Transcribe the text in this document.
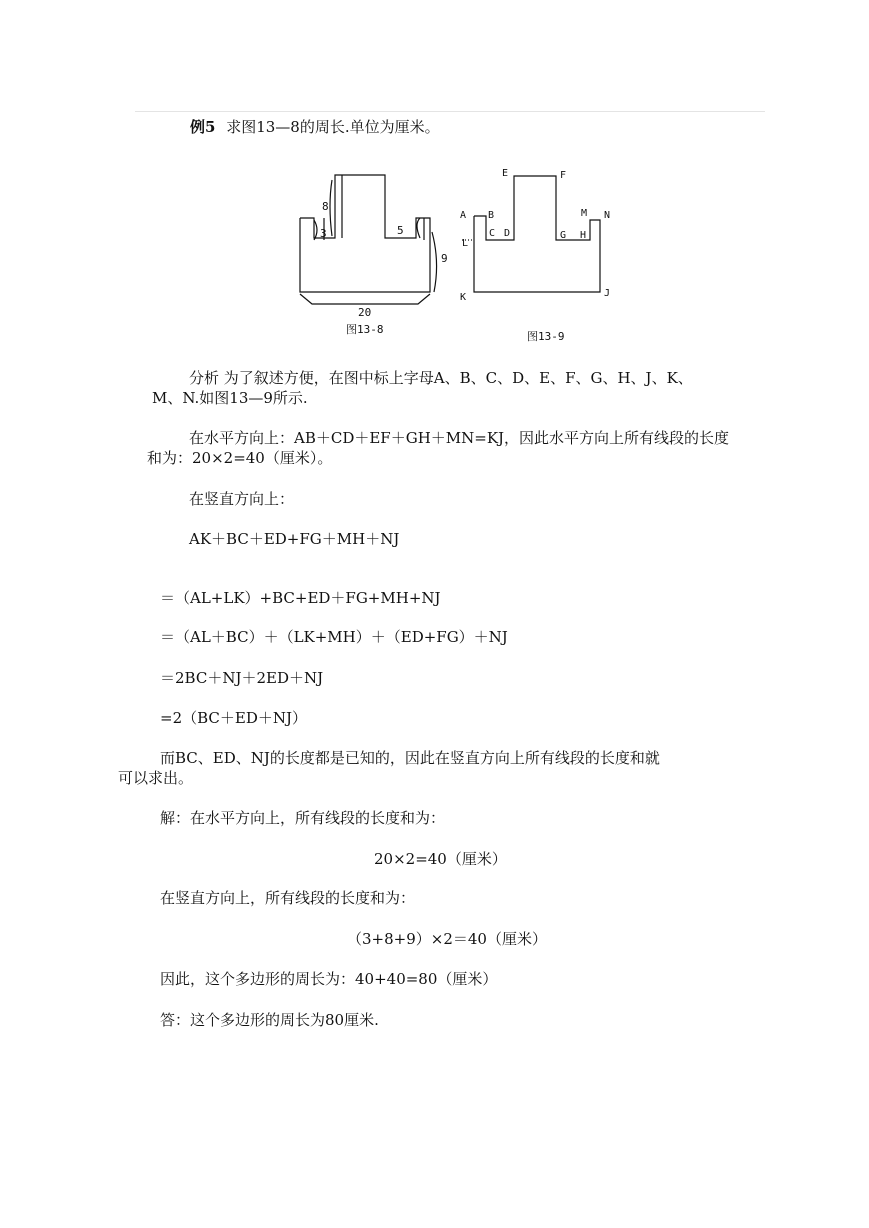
例5 求图13—8的周长.单位为厘米。
8
3	5
9
20
图13-8
E	F
A B
L
C D	G
M N
H
K	J
图13-9
分析 为了叙述方便，在图中标上字母A、B、C、D、E、F、G、H、J、K、
M、N.如图13—9所示.
在水平方向上：AB＋CD＋EF＋GH＋MN=KJ，因此水平方向上所有线段的长度
和为：20×2=40（厘米）。
在竖直方向上：
AK＋BC＋ED+FG＋MH＋NJ
＝（AL+LK）+BC+ED＋FG+MH+NJ
＝（AL＋BC）＋（LK+MH）＋（ED+FG）＋NJ
＝2BC＋NJ＋2ED＋NJ
=2（BC＋ED＋NJ）
而BC、ED、NJ的长度都是已知的，因此在竖直方向上所有线段的长度和就
可以求出。
解：在水平方向上，所有线段的长度和为：
20×2=40（厘米）
在竖直方向上，所有线段的长度和为：
（3+8+9）×2＝40（厘米）
因此，这个多边形的周长为：40+40=80（厘米）
答：这个多边形的周长为80厘米.
